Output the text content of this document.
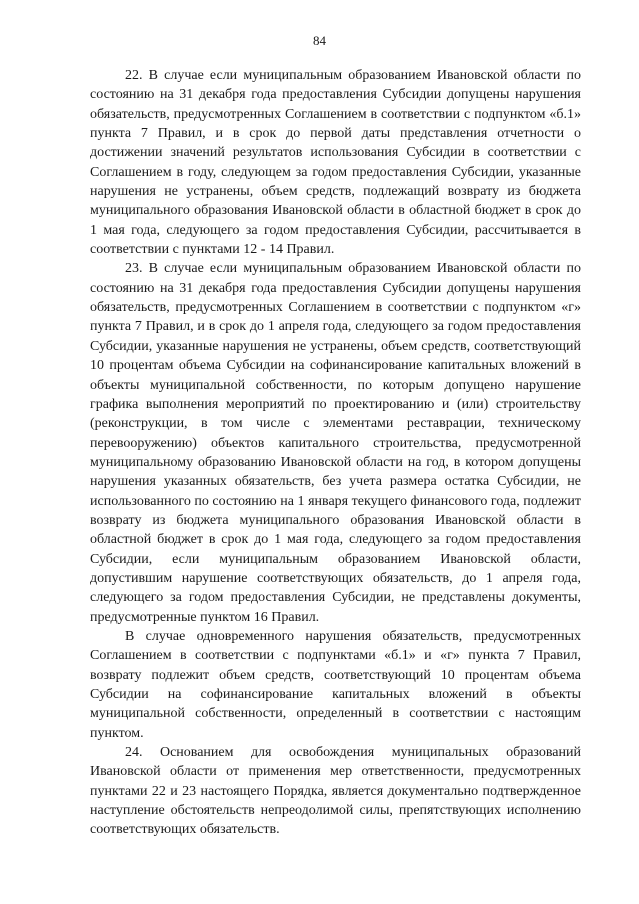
84

22. В случае если муниципальным образованием Ивановской области по состоянию на 31 декабря года предоставления Субсидии допущены нарушения обязательств, предусмотренных Соглашением в соответствии с подпунктом «б.1» пункта 7 Правил, и в срок до первой даты представления отчетности о достижении значений результатов использования Субсидии в соответствии с Соглашением в году, следующем за годом предоставления Субсидии, указанные нарушения не устранены, объем средств, подлежащий возврату из бюджета муниципального образования Ивановской области в областной бюджет в срок до 1 мая года, следующего за годом предоставления Субсидии, рассчитывается в соответствии с пунктами 12 - 14 Правил.

23. В случае если муниципальным образованием Ивановской области по состоянию на 31 декабря года предоставления Субсидии допущены нарушения обязательств, предусмотренных Соглашением в соответствии с подпунктом «г» пункта 7 Правил, и в срок до 1 апреля года, следующего за годом предоставления Субсидии, указанные нарушения не устранены, объем средств, соответствующий 10 процентам объема Субсидии на софинансирование капитальных вложений в объекты муниципальной собственности, по которым допущено нарушение графика выполнения мероприятий по проектированию и (или) строительству (реконструкции, в том числе с элементами реставрации, техническому перевооружению) объектов капитального строительства, предусмотренной муниципальному образованию Ивановской области на год, в котором допущены нарушения указанных обязательств, без учета размера остатка Субсидии, не использованного по состоянию на 1 января текущего финансового года, подлежит возврату из бюджета муниципального образования Ивановской области в областной бюджет в срок до 1 мая года, следующего за годом предоставления Субсидии, если муниципальным образованием Ивановской области, допустившим нарушение соответствующих обязательств, до 1 апреля года, следующего за годом предоставления Субсидии, не представлены документы, предусмотренные пунктом 16 Правил.

В случае одновременного нарушения обязательств, предусмотренных Соглашением в соответствии с подпунктами «б.1» и «г» пункта 7 Правил, возврату подлежит объем средств, соответствующий 10 процентам объема Субсидии на софинансирование капитальных вложений в объекты муниципальной собственности, определенный в соответствии с настоящим пунктом.

24. Основанием для освобождения муниципальных образований Ивановской области от применения мер ответственности, предусмотренных пунктами 22 и 23 настоящего Порядка, является документально подтвержденное наступление обстоятельств непреодолимой силы, препятствующих исполнению соответствующих обязательств.
